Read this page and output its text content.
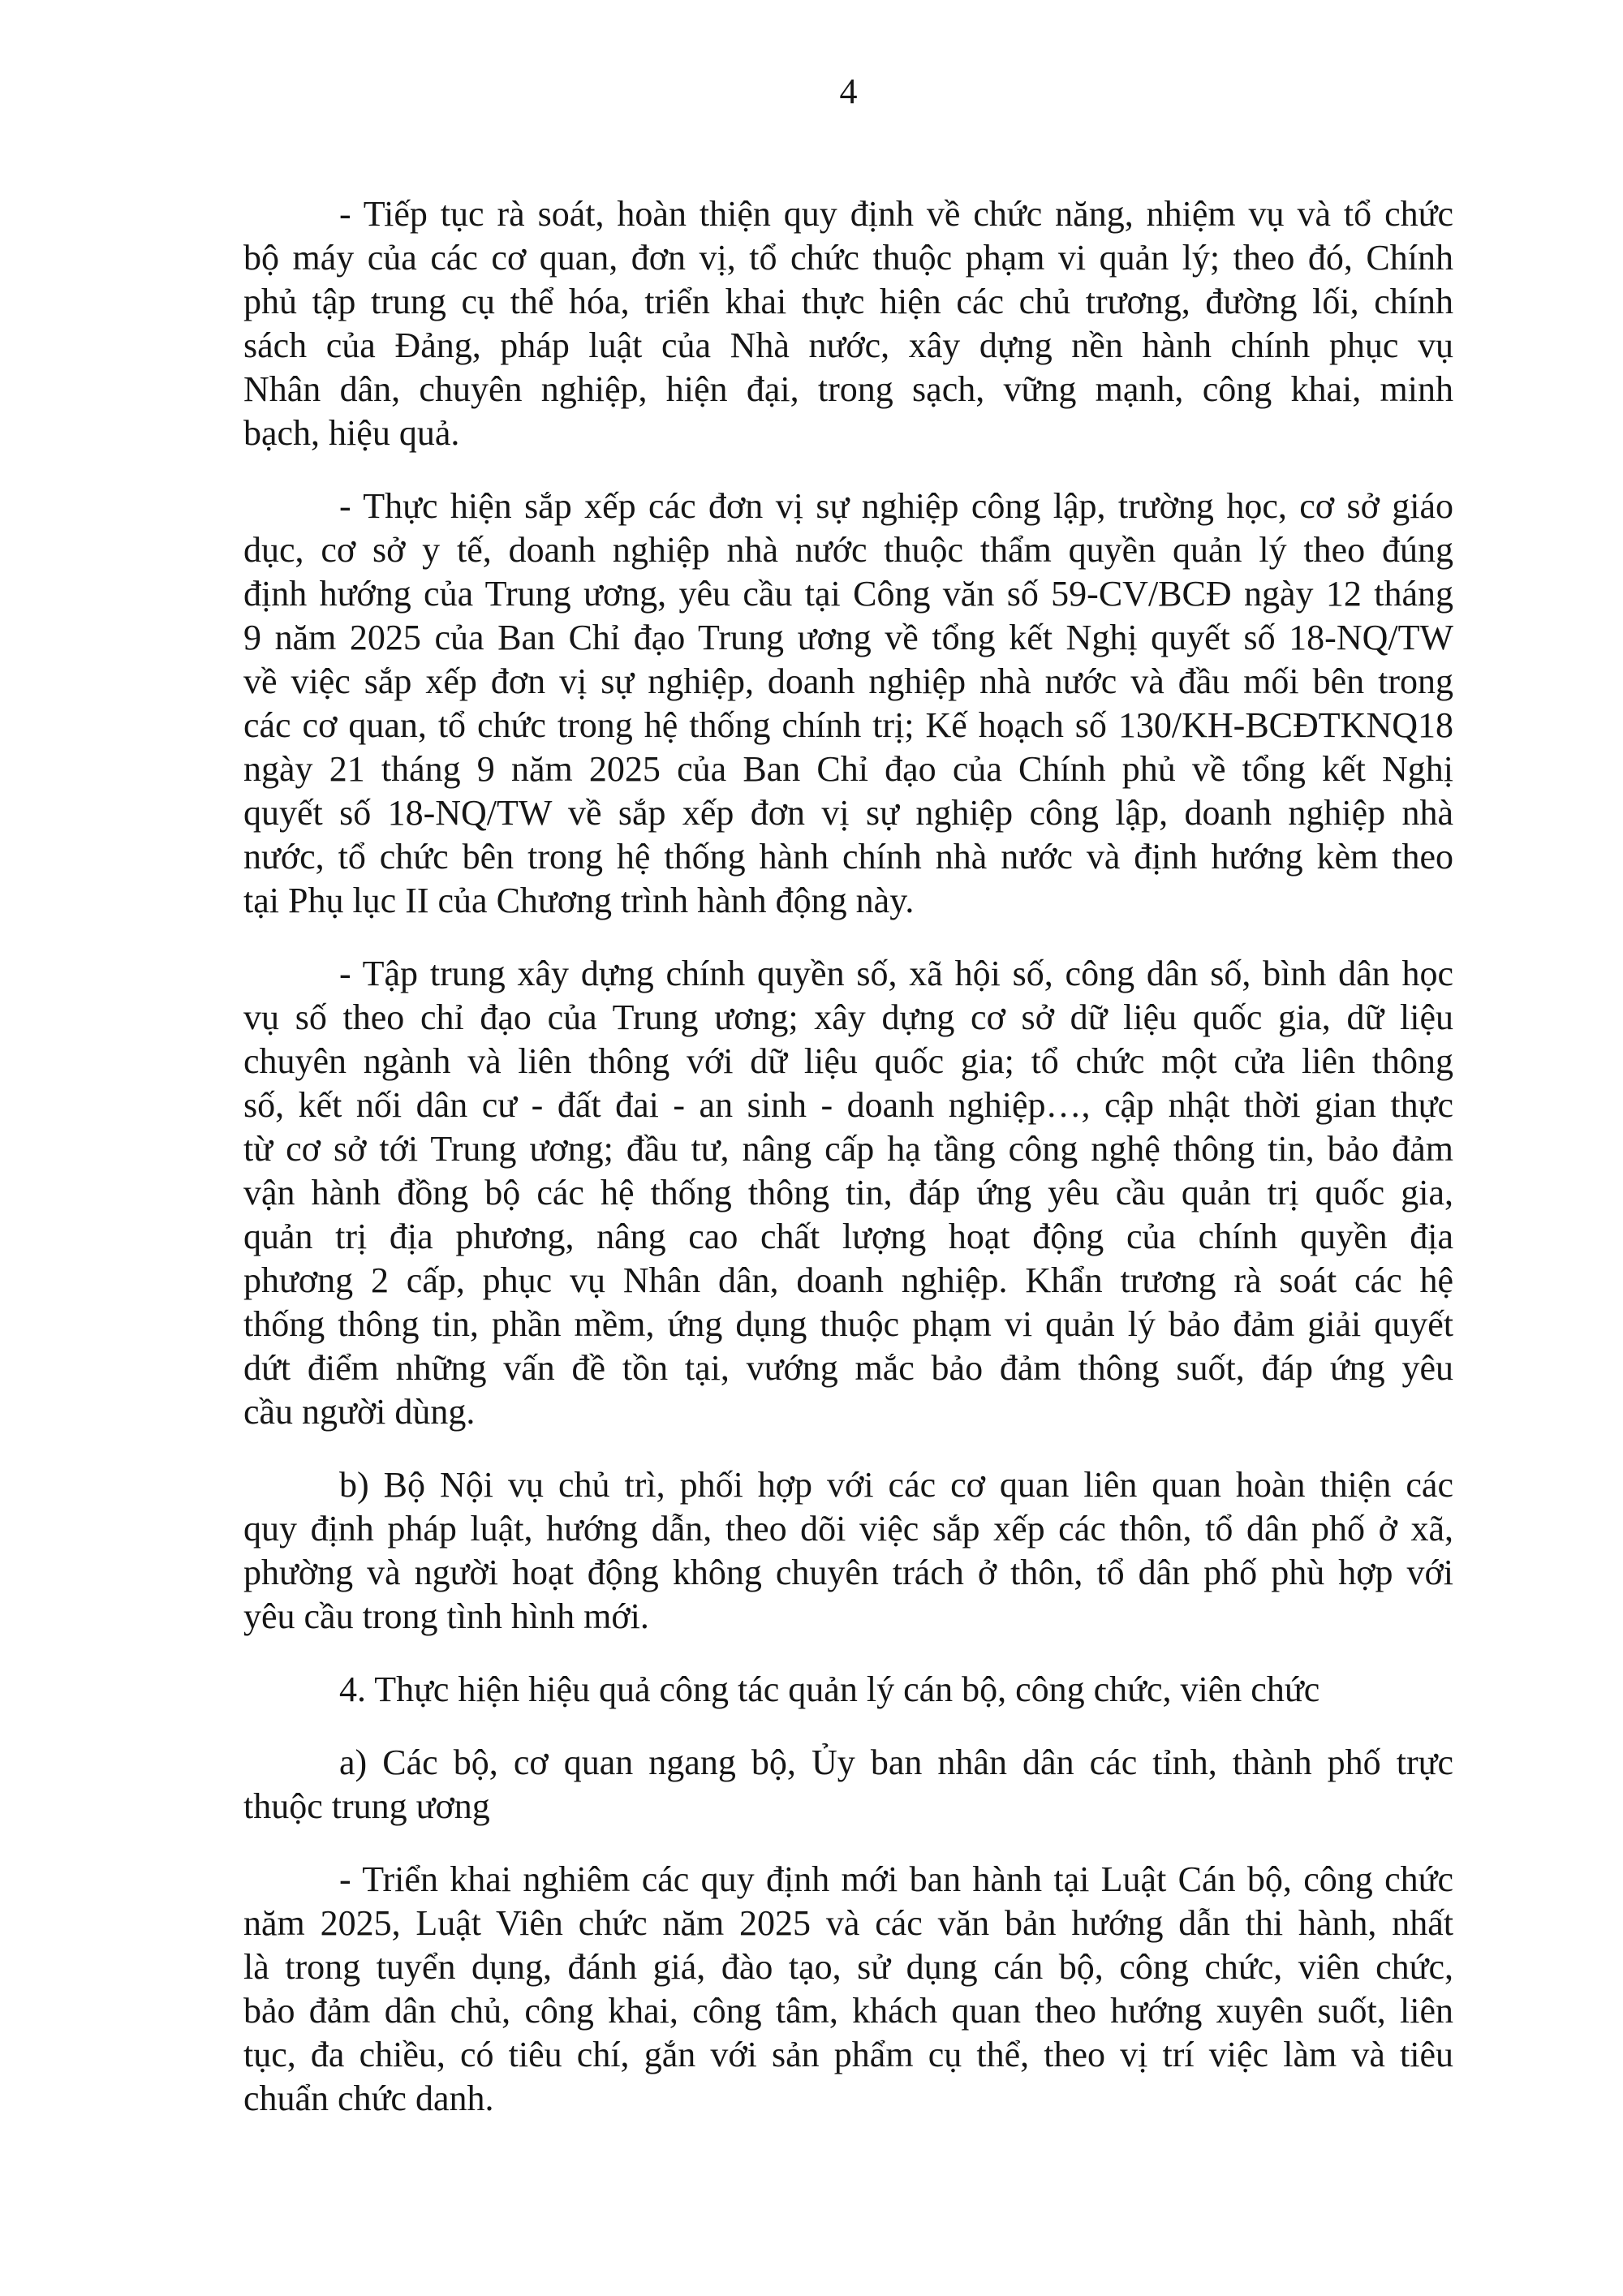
4
- Tiếp tục rà soát, hoàn thiện quy định về chức năng, nhiệm vụ và tổ chức
bộ máy của các cơ quan, đơn vị, tổ chức thuộc phạm vi quản lý; theo đó, Chính
phủ tập trung cụ thể hóa, triển khai thực hiện các chủ trương, đường lối, chính
sách của Đảng, pháp luật của Nhà nước, xây dựng nền hành chính phục vụ
Nhân dân, chuyên nghiệp, hiện đại, trong sạch, vững mạnh, công khai, minh
bạch, hiệu quả.
- Thực hiện sắp xếp các đơn vị sự nghiệp công lập, trường học, cơ sở giáo
dục, cơ sở y tế, doanh nghiệp nhà nước thuộc thẩm quyền quản lý theo đúng
định hướng của Trung ương, yêu cầu tại Công văn số 59-CV/BCĐ ngày 12 tháng
9 năm 2025 của Ban Chỉ đạo Trung ương về tổng kết Nghị quyết số 18-NQ/TW
về việc sắp xếp đơn vị sự nghiệp, doanh nghiệp nhà nước và đầu mối bên trong
các cơ quan, tổ chức trong hệ thống chính trị; Kế hoạch số 130/KH-BCĐTKNQ18
ngày 21 tháng 9 năm 2025 của Ban Chỉ đạo của Chính phủ về tổng kết Nghị
quyết số 18-NQ/TW về sắp xếp đơn vị sự nghiệp công lập, doanh nghiệp nhà
nước, tổ chức bên trong hệ thống hành chính nhà nước và định hướng kèm theo
tại Phụ lục II của Chương trình hành động này.
- Tập trung xây dựng chính quyền số, xã hội số, công dân số, bình dân học
vụ số theo chỉ đạo của Trung ương; xây dựng cơ sở dữ liệu quốc gia, dữ liệu
chuyên ngành và liên thông với dữ liệu quốc gia; tổ chức một cửa liên thông
số, kết nối dân cư - đất đai - an sinh - doanh nghiệp…, cập nhật thời gian thực
từ cơ sở tới Trung ương; đầu tư, nâng cấp hạ tầng công nghệ thông tin, bảo đảm
vận hành đồng bộ các hệ thống thông tin, đáp ứng yêu cầu quản trị quốc gia,
quản trị địa phương, nâng cao chất lượng hoạt động của chính quyền địa
phương 2 cấp, phục vụ Nhân dân, doanh nghiệp. Khẩn trương rà soát các hệ
thống thông tin, phần mềm, ứng dụng thuộc phạm vi quản lý bảo đảm giải quyết
dứt điểm những vấn đề tồn tại, vướng mắc bảo đảm thông suốt, đáp ứng yêu
cầu người dùng.
b) Bộ Nội vụ chủ trì, phối hợp với các cơ quan liên quan hoàn thiện các
quy định pháp luật, hướng dẫn, theo dõi việc sắp xếp các thôn, tổ dân phố ở xã,
phường và người hoạt động không chuyên trách ở thôn, tổ dân phố phù hợp với
yêu cầu trong tình hình mới.
4. Thực hiện hiệu quả công tác quản lý cán bộ, công chức, viên chức
a) Các bộ, cơ quan ngang bộ, Ủy ban nhân dân các tỉnh, thành phố trực
thuộc trung ương
- Triển khai nghiêm các quy định mới ban hành tại Luật Cán bộ, công chức
năm 2025, Luật Viên chức năm 2025 và các văn bản hướng dẫn thi hành, nhất
là trong tuyển dụng, đánh giá, đào tạo, sử dụng cán bộ, công chức, viên chức,
bảo đảm dân chủ, công khai, công tâm, khách quan theo hướng xuyên suốt, liên
tục, đa chiều, có tiêu chí, gắn với sản phẩm cụ thể, theo vị trí việc làm và tiêu
chuẩn chức danh.
